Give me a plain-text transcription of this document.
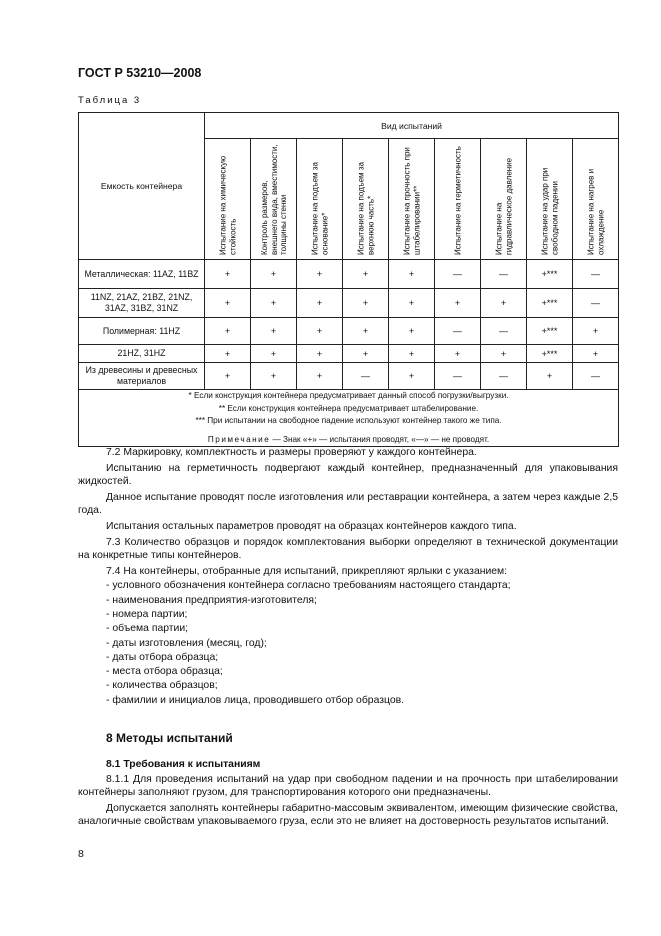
ГОСТ Р 53210—2008
Таблица 3
Емкость контейнера	Вид испытаний								

	Испытание на химическую стойкость	Контроль размеров, внешнего вида, вместимости, толщины стенки	Испытание на подъем за основание*	Испытание на подъем за верхнюю часть*	Испытание на прочность при штабелировании**	Испытание на герметичность	Испытание на гидравлическое давление	Испытание на удар при свободном падении	Испытание на нагрев и охлаждение

Металлическая: 11AZ, 11BZ	+	+	+	+	+	—	—	+***	—
11NZ, 21AZ, 21BZ, 21NZ, 31AZ, 31BZ, 31NZ	+	+	+	+	+	+	+	+***	—
Полимерная: 11HZ	+	+	+	+	+	—	—	+***	+
21HZ, 31HZ	+	+	+	+	+	+	+	+***	+
Из древесины и древесных материалов	+	+	+	—	+	—	—	+	—

* Если конструкция контейнера предусматривает данный способ погрузки/выгрузки.
** Если конструкция контейнера предусматривает штабелирование.
*** При испытании на свободное падение используют контейнер такого же типа.
Примечание — Знак «+» — испытания проводят, «—» — не проводят.									
7.2 Маркировку, комплектность и размеры проверяют у каждого контейнера.
Испытанию на герметичность подвергают каждый контейнер, предназначенный для упаковывания жидкостей.
Данное испытание проводят после изготовления или реставрации контейнера, а затем через каждые 2,5 года.
Испытания остальных параметров проводят на образцах контейнеров каждого типа.
7.3 Количество образцов и порядок комплектования выборки определяют в технической документации на конкретные типы контейнеров.
7.4 На контейнеры, отобранные для испытаний, прикрепляют ярлыки с указанием:
- условного обозначения контейнера согласно требованиям настоящего стандарта;
- наименования предприятия-изготовителя;
- номера партии;
- объема партии;
- даты изготовления (месяц, год);
- даты отбора образца;
- места отбора образца;
- количества образцов;
- фамилии и инициалов лица, проводившего отбор образцов.
8 Методы испытаний
8.1 Требования к испытаниям
8.1.1 Для проведения испытаний на удар при свободном падении и на прочность при штабелировании контейнеры заполняют грузом, для транспортирования которого они предназначены.
Допускается заполнять контейнеры габаритно-массовым эквивалентом, имеющим физические свойства, аналогичные свойствам упаковываемого груза, если это не влияет на достоверность результатов испытаний.
8
